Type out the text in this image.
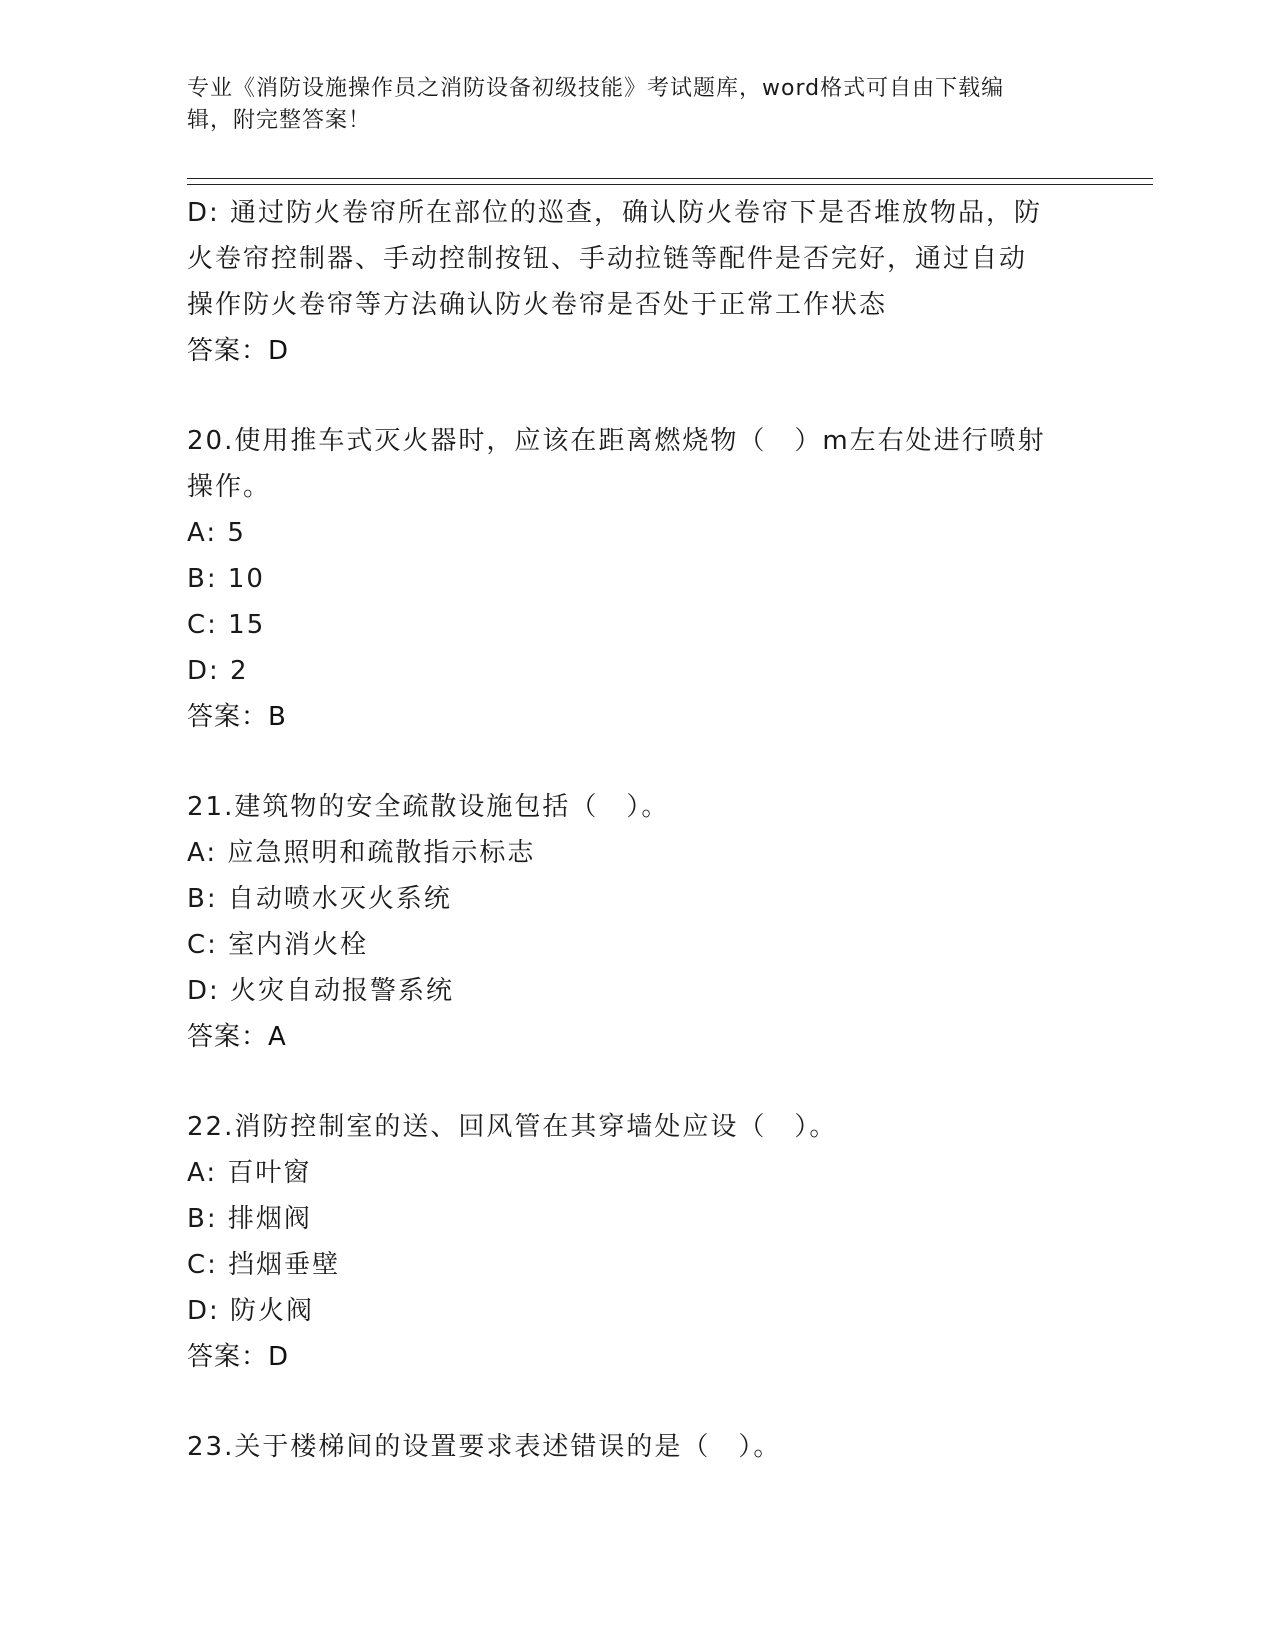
专业《消防设施操作员之消防设备初级技能》考试题库，word格式可自由下载编
辑，附完整答案！
D: 通过防火卷帘所在部位的巡查，确认防火卷帘下是否堆放物品，防
火卷帘控制器、手动控制按钮、手动拉链等配件是否完好，通过自动
操作防火卷帘等方法确认防火卷帘是否处于正常工作状态
答案：D
20.使用推车式灭火器时，应该在距离燃烧物（　）m左右处进行喷射
操作。
A: 5
B: 10
C: 15
D: 2
答案：B
21.建筑物的安全疏散设施包括（　）。
A: 应急照明和疏散指示标志
B: 自动喷水灭火系统
C: 室内消火栓
D: 火灾自动报警系统
答案：A
22.消防控制室的送、回风管在其穿墙处应设（　）。
A: 百叶窗
B: 排烟阀
C: 挡烟垂壁
D: 防火阀
答案：D
23.关于楼梯间的设置要求表述错误的是（　）。
